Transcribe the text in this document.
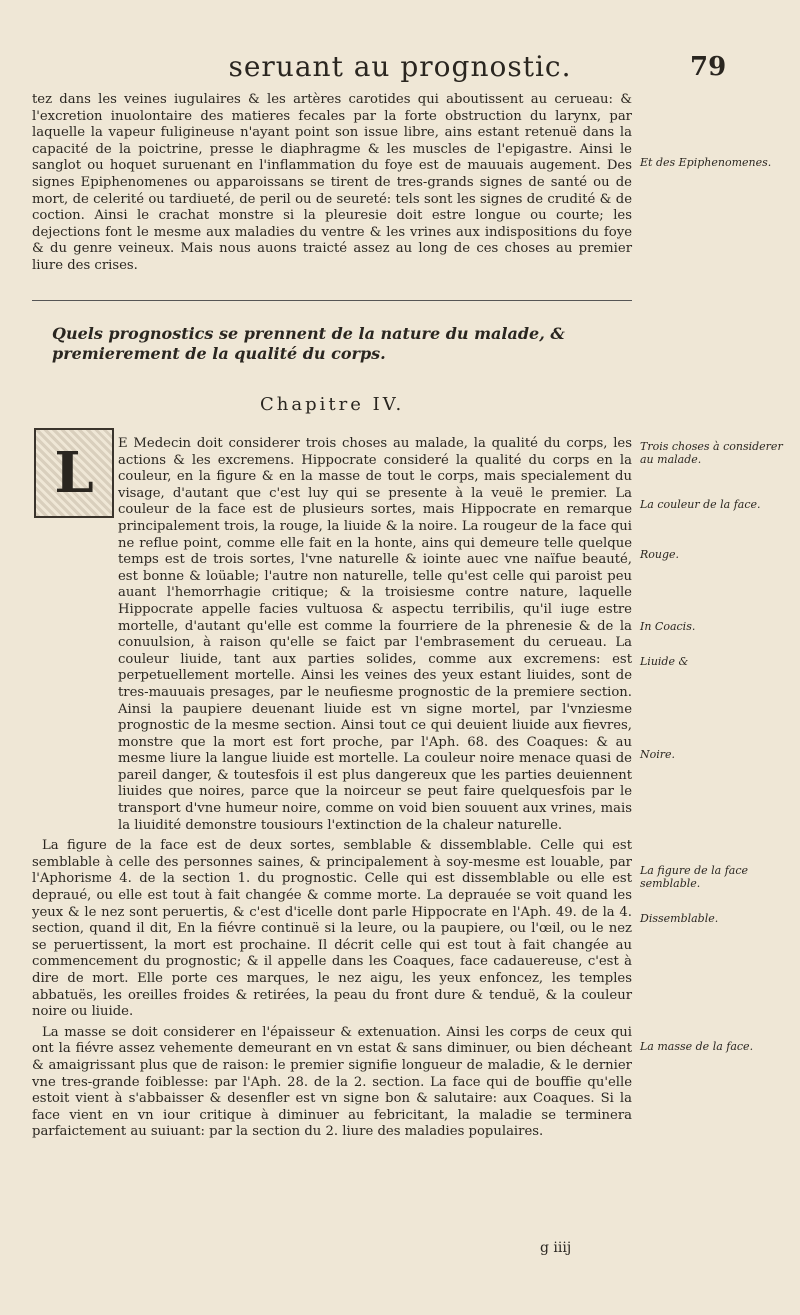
seruant au prognostic.	79

tez dans les veines iugulaires & les artères carotides qui aboutissent au cerueau: & l'excretion inuolontaire des matieres fecales par la forte obstruction du larynx, par laquelle la vapeur fuligineuse n'ayant point son issue libre, ains estant retenuë dans la capacité de la poictrine, presse le diaphragme & les muscles de l'epigastre. Ainsi le sanglot ou hoquet suruenant en l'inflammation du foye est de mauuais augement. Des signes Epiphenomenes ou apparoissans se tirent de tres-grands signes de santé ou de mort, de celerité ou tardiueté, de peril ou de seureté: tels sont les signes de crudité & de coction. Ainsi le crachat monstre si la pleuresie doit estre longue ou courte; les dejections font le mesme aux maladies du ventre & les vrines aux indispositions du foye & du genre veineux. Mais nous auons traicté assez au long de ces choses au premier liure des crises.

Et des Epiphenomenes.
Quels prognostics se prennent de la nature du malade, & premierement de la qualité du corps.
Chapitre IV.
L	E Medecin doit considerer trois choses au malade, la qualité du corps, les actions & les excremens. Hippocrate consideré la qualité du corps en la couleur, en la figure & en la masse de tout le corps, mais specialement du visage, d'autant que c'est luy qui se presente à la veuë le premier. La couleur de la face est de plusieurs sortes, mais Hippocrate en remarque principalement trois, la rouge, la liuide & la noire. La rougeur de la face qui ne reflue point, comme elle fait en la honte, ains qui demeure telle quelque temps est de trois sortes, l'vne naturelle & iointe auec vne naïfue beauté, est bonne & loüable; l'autre non naturelle, telle qu'est celle qui paroist peu auant l'hemorrhagie critique; & la troisiesme contre nature, laquelle Hippocrate appelle facies vultuosa & aspectu terribilis, qu'il iuge estre mortelle, d'autant qu'elle est comme la fourriere de la phrenesie & de la conuulsion, à raison qu'elle se faict par l'embrasement du cerueau. La couleur liuide, tant aux parties solides, comme aux excremens: est perpetuellement mortelle. Ainsi les veines des yeux estant liuides, sont de tres-mauuais presages, par le neufiesme prognostic de la premiere section. Ainsi la paupiere deuenant liuide est vn signe mortel, par l'vnziesme prognostic de la mesme section. Ainsi tout ce qui deuient liuide aux fievres, monstre que la mort est fort proche, par l'Aph. 68. des Coaques: & au mesme liure la langue liuide est mortelle. La couleur noire menace quasi de pareil danger, & toutesfois il est plus dangereux que les parties deuiennent liuides que noires, parce que la noirceur se peut faire quelquesfois par le transport d'vne humeur noire, comme on void bien souuent aux vrines, mais la liuidité demonstre tousiours l'extinction de la chaleur naturelle.

La figure de la face est de deux sortes, semblable & dissemblable. Celle qui est semblable à celle des personnes saines, & principalement à soy-mesme est louable, par l'Aphorisme 4. de la section 1. du prognostic. Celle qui est dissemblable ou elle est depraué, ou elle est tout à fait changée & comme morte. La deprauée se voit quand les yeux & le nez sont peruertis, & c'est d'icelle dont parle Hippocrate en l'Aph. 49. de la 4. section, quand il dit, En la fiévre continuë si la leure, ou la paupiere, ou l'œil, ou le nez se peruertissent, la mort est prochaine. Il décrit celle qui est tout à fait changée au commencement du prognostic; & il appelle dans les Coaques, face cadauereuse, c'est à dire de mort. Elle porte ces marques, le nez aigu, les yeux enfoncez, les temples abbatuës, les oreilles froides & retirées, la peau du front dure & tenduë, & la couleur noire ou liuide.

La masse se doit considerer en l'épaisseur & extenuation. Ainsi les corps de ceux qui ont la fiévre assez vehemente demeurant en vn estat & sans diminuer, ou bien décheant & amaigrissant plus que de raison: le premier signifie longueur de maladie, & le dernier vne tres-grande foiblesse: par l'Aph. 28. de la 2. section. La face qui de bouffie qu'elle estoit vient à s'abbaisser & desenfler est vn signe bon & salutaire: aux Coaques. Si la face vient en vn iour critique à diminuer au febricitant, la maladie se terminera parfaictement au suiuant: par la section du 2. liure des maladies populaires.

Trois choses à considerer au malade.
La couleur de la face.
Rouge.
In Coacis.
Liuide &
Noire.
La figure de la face semblable.
Dissemblable.
La masse de la face.
g iiij
